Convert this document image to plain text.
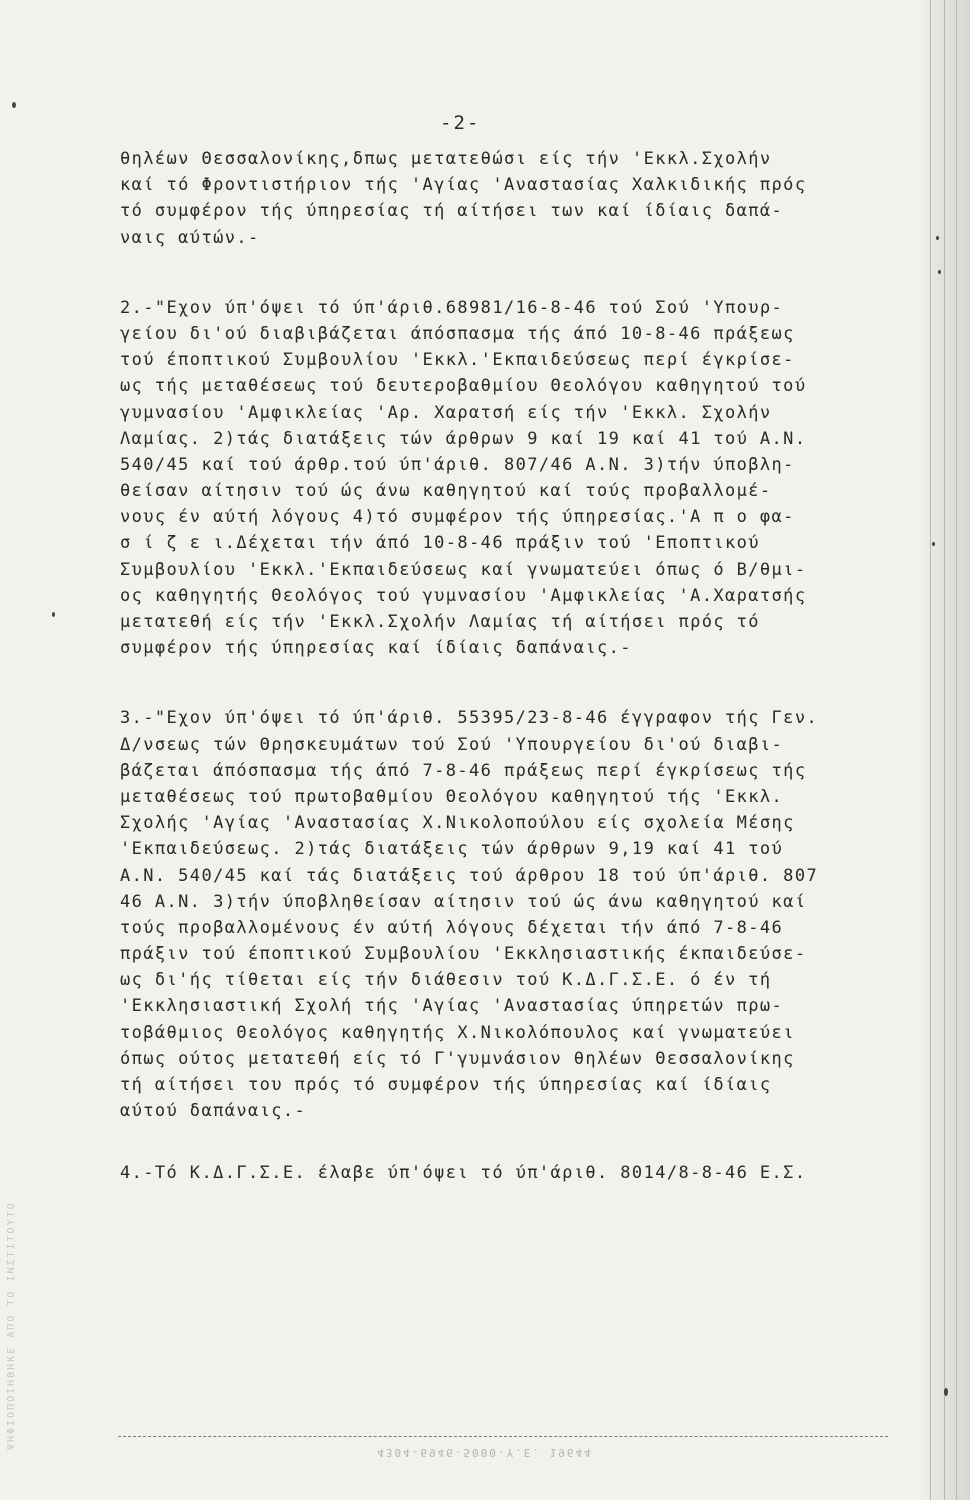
ΨΗΦΙΟΠΟΙΗΘΗΚΕ ΑΠΟ ΤΟ ΙΝΣΤΙΤΟΥΤΟ
-2-
θηλέων Θεσσαλονίκης,δπως μετατεθώσι είς τήν 'Εκκλ.Σχολήν
καί τό Φροντιστήριον τής 'Αγίας 'Αναστασίας Χαλκιδικής πρός
τό συμφέρον τής ύπηρεσίας τή αίτήσει των καί ίδίαις δαπά-
ναις αύτών.-
2.-"Εχον ύπ'όψει τό ύπ'άριθ.68981/16-8-46 τού Σού 'Υπουρ-
γείου δι'ού διαβιβάζεται άπόσπασμα τής άπό 10-8-46 πράξεως
τού έποπτικού Συμβουλίου 'Εκκλ.'Εκπαιδεύσεως περί έγκρίσε-
ως τής μεταθέσεως τού δευτεροβαθμίου Θεολόγου καθηγητού τού
γυμνασίου 'Αμφικλείας 'Αρ. Χαρατσή είς τήν 'Εκκλ. Σχολήν
Λαμίας. 2)τάς διατάξεις τών άρθρων 9 καί 19 καί 41 τού Α.Ν.
540/45 καί τού άρθρ.τού ύπ'άριθ. 807/46 Α.Ν. 3)τήν ύποβλη-
θείσαν αίτησιν τού ώς άνω καθηγητού καί τούς προβαλλομέ-
νους έν αύτή λόγους 4)τό συμφέρον τής ύπηρεσίας.'Α π ο φα-
σ ί ζ ε ι.Δέχεται τήν άπό 10-8-46 πράξιν τού 'Εποπτικού
Συμβουλίου 'Εκκλ.'Εκπαιδεύσεως καί γνωματεύει όπως ό Β/θμι-
ος καθηγητής Θεολόγος τού γυμνασίου 'Αμφικλείας 'Α.Χαρατσής
μετατεθή είς τήν 'Εκκλ.Σχολήν Λαμίας τή αίτήσει πρός τό
συμφέρον τής ύπηρεσίας καί ίδίαις δαπάναις.-
3.-"Εχον ύπ'όψει τό ύπ'άριθ. 55395/23-8-46 έγγραφον τής Γεν.
Δ/νσεως τών Θρησκευμάτων τού Σού 'Υπουργείου δι'ού διαβι-
βάζεται άπόσπασμα τής άπό 7-8-46 πράξεως περί έγκρίσεως τής
μεταθέσεως τού πρωτοβαθμίου Θεολόγου καθηγητού τής 'Εκκλ.
Σχολής 'Αγίας 'Αναστασίας Χ.Νικολοπούλου είς σχολεία Μέσης
'Εκπαιδεύσεως. 2)τάς διατάξεις τών άρθρων 9,19 καί 41 τού
Α.Ν. 540/45 καί τάς διατάξεις τού άρθρου 18 τού ύπ'άριθ. 807
46 Α.Ν. 3)τήν ύποβληθείσαν αίτησιν τού ώς άνω καθηγητού καί
τούς προβαλλομένους έν αύτή λόγους δέχεται τήν άπό 7-8-46
πράξιν τού έποπτικού Συμβουλίου 'Εκκλησιαστικής έκπαιδεύσε-
ως δι'ής τίθεται είς τήν διάθεσιν τού Κ.Δ.Γ.Σ.Ε. ό έν τή
'Εκκλησιαστική Σχολή τής 'Αγίας 'Αναστασίας ύπηρετών πρω-
τοβάθμιος Θεολόγος καθηγητής Χ.Νικολόπουλος καί γνωματεύει
όπως ούτος μετατεθή είς τό Γ'γυμνάσιον θηλέων Θεσσαλονίκης
τή αίτήσει του πρός τό συμφέρον τής ύπηρεσίας καί ίδίαις
αύτού δαπάναις.-
4.-Τό Κ.Δ.Γ.Σ.Ε. έλαβε ύπ'όψει τό ύπ'άριθ. 8014/8-8-46 Ε.Σ.
4304-6946-5000-Y.E. 19644
